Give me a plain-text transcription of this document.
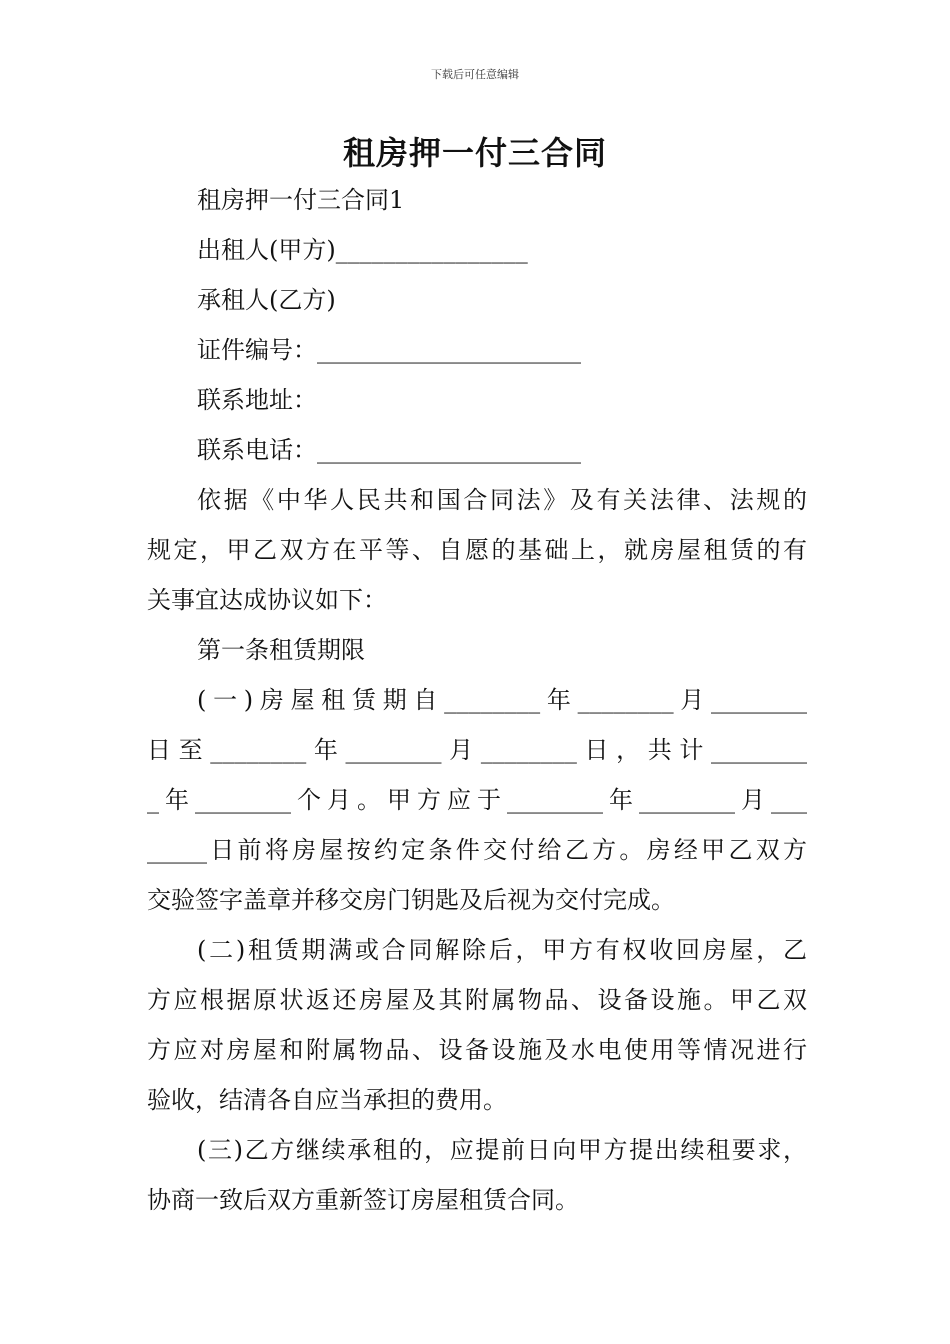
下载后可任意编辑
租房押一付三合同
租房押一付三合同1
出租人(甲方)________________
承租人(乙方)
证件编号：______________________
联系地址：
联系电话：______________________
依据《中华人民共和国合同法》及有关法律、法规的
规定，甲乙双方在平等、自愿的基础上，就房屋租赁的有
关事宜达成协议如下：
第一条租赁期限
(一)房屋租赁期自________年________月________
日至________年________月________日，共计________
_年________个月。甲方应于________年________月___
_____日前将房屋按约定条件交付给乙方。房经甲乙双方
交验签字盖章并移交房门钥匙及后视为交付完成。
(二)租赁期满或合同解除后，甲方有权收回房屋，乙
方应根据原状返还房屋及其附属物品、设备设施。甲乙双
方应对房屋和附属物品、设备设施及水电使用等情况进行
验收，结清各自应当承担的费用。
(三)乙方继续承租的，应提前日向甲方提出续租要求，
协商一致后双方重新签订房屋租赁合同。
